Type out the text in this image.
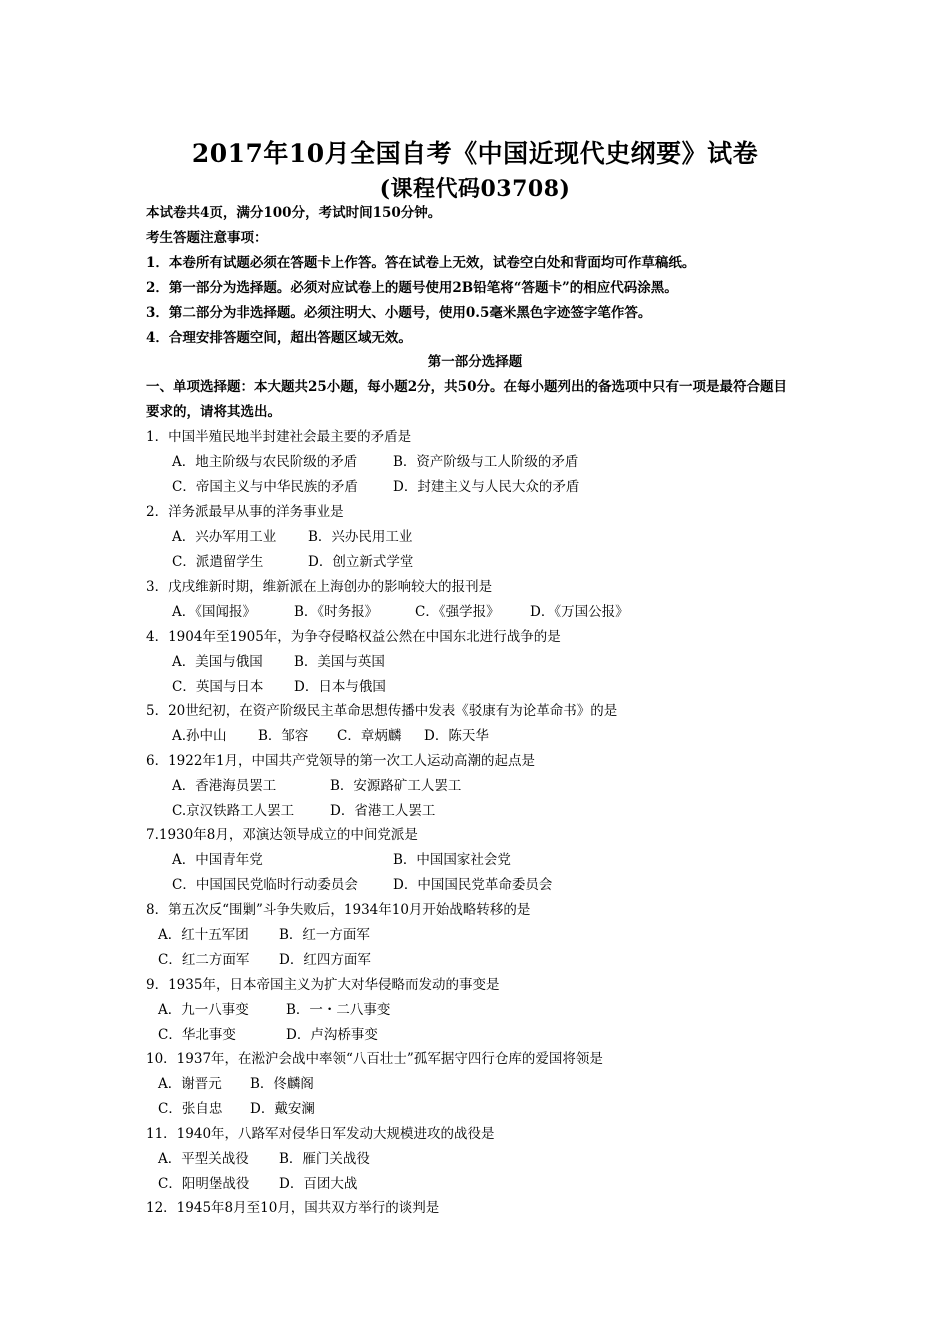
2017年10月全国自考《中国近现代史纲要》试卷
(课程代码03708)
本试卷共4页，满分100分，考试时间150分钟。
考生答题注意事项：
1．本卷所有试题必须在答题卡上作答。答在试卷上无效，试卷空白处和背面均可作草稿纸。
2．第一部分为选择题。必须对应试卷上的题号使用2B铅笔将“答题卡”的相应代码涂黑。
3．第二部分为非选择题。必须注明大、小题号，使用0.5毫米黑色字迹签字笔作答。
4．合理安排答题空间，超出答题区域无效。
第一部分选择题
一、单项选择题：本大题共25小题，每小题2分，共50分。在每小题列出的备选项中只有一项是最符合题目
要求的，请将其选出。
1．中国半殖民地半封建社会最主要的矛盾是
A．地主阶级与农民阶级的矛盾	B．资产阶级与工人阶级的矛盾
C．帝国主义与中华民族的矛盾	D．封建主义与人民大众的矛盾
2．洋务派最早从事的洋务事业是
A．兴办军用工业 B．兴办民用工业
C．派遣留学生	D．创立新式学堂
3．戊戌维新时期，维新派在上海创办的影响较大的报刊是
A．《国闻报》	B．《时务报》	C．《强学报》 D．《万国公报》
4．1904年至1905年，为争夺侵略权益公然在中国东北进行战争的是
A．美国与俄国 B．美国与英国
C．英国与日本 D．日本与俄国
5．20世纪初，在资产阶级民主革命思想传播中发表《驳康有为论革命书》的是
A.孙中山 B．邹容 C．章炳麟 D．陈天华
6．1922年1月，中国共产党领导的第一次工人运动高潮的起点是
A．香港海员罢工	B．安源路矿工人罢工
C.京汉铁路工人罢工	D．省港工人罢工
7.1930年8月，邓演达领导成立的中间党派是
A．中国青年党	B．中国国家社会党
C．中国国民党临时行动委员会	D．中国国民党革命委员会
8．第五次反“围剿”斗争失败后，1934年10月开始战略转移的是
A．红十五军团 B．红一方面军
C．红二方面军 D．红四方面军
9．1935年，日本帝国主义为扩大对华侵略而发动的事变是
A．九一八事变	B．一・二八事变
C．华北事变	D．卢沟桥事变
10．1937年，在淞沪会战中率领“八百壮士”孤军据守四行仓库的爱国将领是
A．谢晋元 B．佟麟阁
C．张自忠 D．戴安澜
11．1940年，八路军对侵华日军发动大规模进攻的战役是
A．平型关战役 B．雁门关战役
C．阳明堡战役 D．百团大战
12．1945年8月至10月，国共双方举行的谈判是
